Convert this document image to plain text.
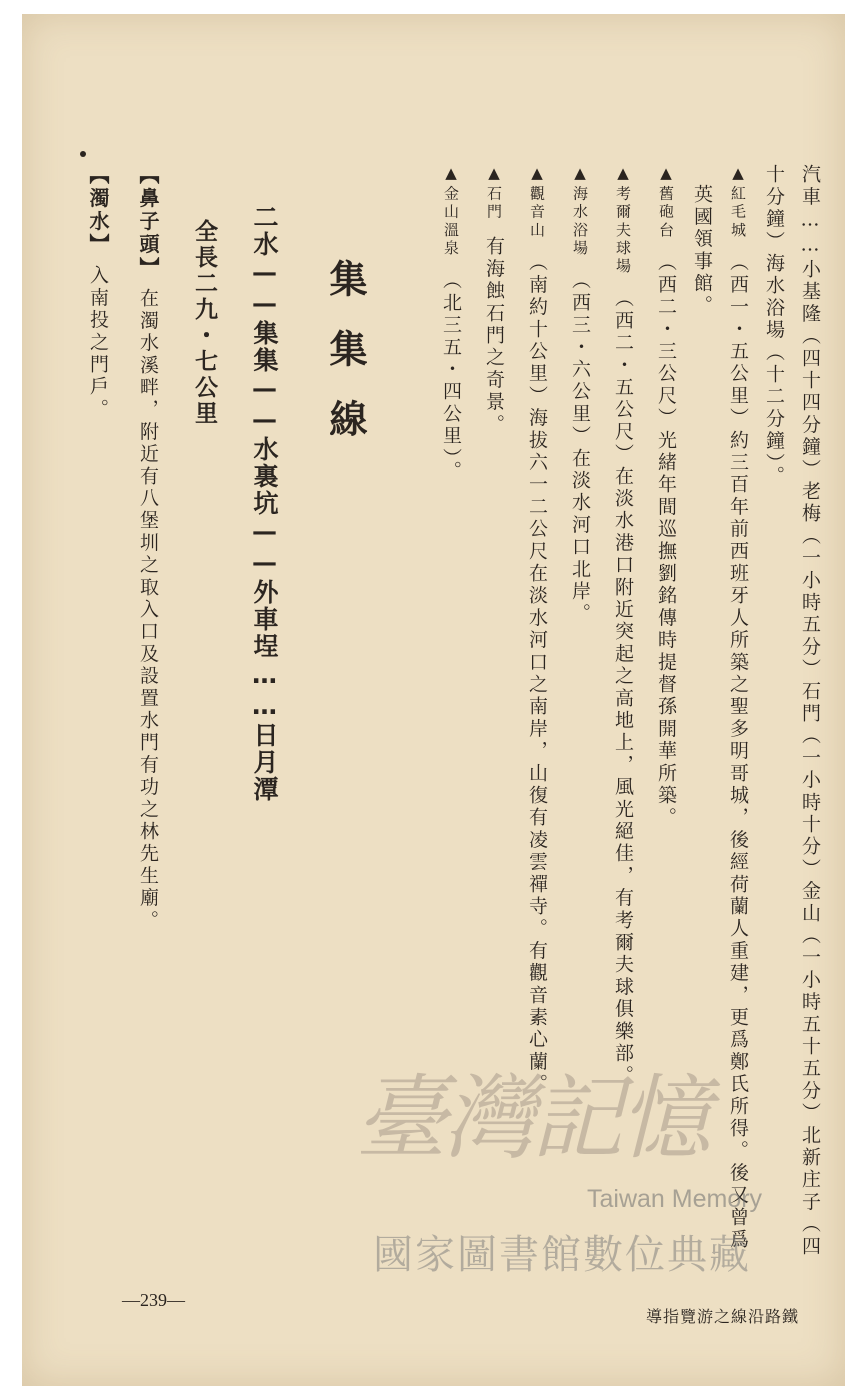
汽車……小基隆（四十四分鐘）老梅（一小時五分）石門（一小時十分）金山（一小時五十五分）北新庄子（四
十分鐘）海水浴場（十二分鐘）。
▲紅毛城（西一・五公里）約三百年前西班牙人所築之聖多明哥城，後經荷蘭人重建，更爲鄭氏所得。後又曾爲
英國領事館。
▲舊砲台（西二・三公尺）光緒年間巡撫劉銘傳時提督孫開華所築。
▲考爾夫球場（西二・五公尺）在淡水港口附近突起之高地上，風光絕佳，有考爾夫球俱樂部。
▲海水浴場（西三・六公里）在淡水河口北岸。
▲觀音山（南約十公里）海拔六一二公尺在淡水河口之南岸，山復有凌雲禪寺。有觀音素心蘭。
▲石門有海蝕石門之奇景。
▲金山溫泉（北三五・四公里）。
集集線
二水——集集——水裏坑——外車埕……日月潭
全長二九・七公里
【鼻子頭】在濁水溪畔，附近有八堡圳之取入口及設置水門有功之林先生廟。
【濁水】入南投之門戶。
—239—
導指覽游之線沿路鐵
臺灣記憶
Taiwan Memory
國家圖書館數位典藏
